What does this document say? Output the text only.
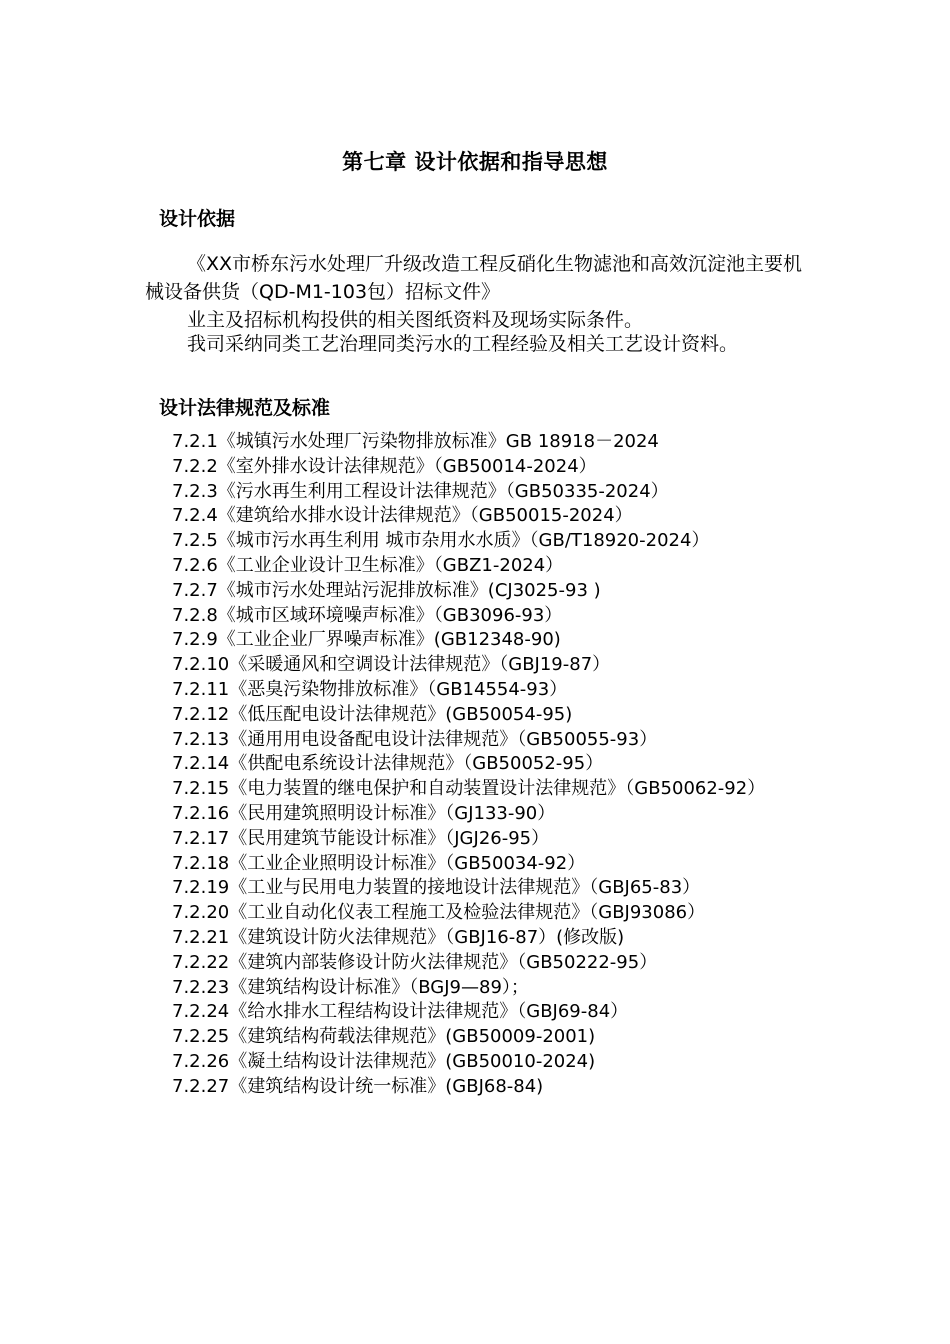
第七章 设计依据和指导思想
设计依据

《XX市桥东污水处理厂升级改造工程反硝化生物滤池和高效沉淀池主要机械设备供货（QD-M1-103包）招标文件》

业主及招标机构投供的相关图纸资料及现场实际条件。

我司采纳同类工艺治理同类污水的工程经验及相关工艺设计资料。

设计法律规范及标准
7.2.1《城镇污水处理厂污染物排放标准》GB 18918－2024
7.2.2《室外排水设计法律规范》（GB50014-2024）
7.2.3《污水再生利用工程设计法律规范》（GB50335-2024）
7.2.4《建筑给水排水设计法律规范》（GB50015-2024）
7.2.5《城市污水再生利用 城市杂用水水质》（GB/T18920-2024）
7.2.6《工业企业设计卫生标准》（GBZ1-2024）
7.2.7《城市污水处理站污泥排放标准》(CJ3025-93 )
7.2.8《城市区域环境噪声标准》（GB3096-93）
7.2.9《工业企业厂界噪声标准》(GB12348-90)
7.2.10《采暖通风和空调设计法律规范》（GBJ19-87）
7.2.11《恶臭污染物排放标准》（GB14554-93）
7.2.12《低压配电设计法律规范》(GB50054-95)
7.2.13《通用用电设备配电设计法律规范》（GB50055-93）
7.2.14《供配电系统设计法律规范》（GB50052-95）
7.2.15《电力装置的继电保护和自动装置设计法律规范》（GB50062-92）
7.2.16《民用建筑照明设计标准》（GJ133-90）
7.2.17《民用建筑节能设计标准》（JGJ26-95）
7.2.18《工业企业照明设计标准》（GB50034-92）
7.2.19《工业与民用电力装置的接地设计法律规范》（GBJ65-83）
7.2.20《工业自动化仪表工程施工及检验法律规范》（GBJ93086）
7.2.21《建筑设计防火法律规范》（GBJ16-87）(修改版)
7.2.22《建筑内部装修设计防火法律规范》（GB50222-95）
7.2.23《建筑结构设计标准》（BGJ9—89）；
7.2.24《给水排水工程结构设计法律规范》（GBJ69-84）
7.2.25《建筑结构荷载法律规范》(GB50009-2001)
7.2.26《凝土结构设计法律规范》(GB50010-2024)
7.2.27《建筑结构设计统一标准》(GBJ68-84)
